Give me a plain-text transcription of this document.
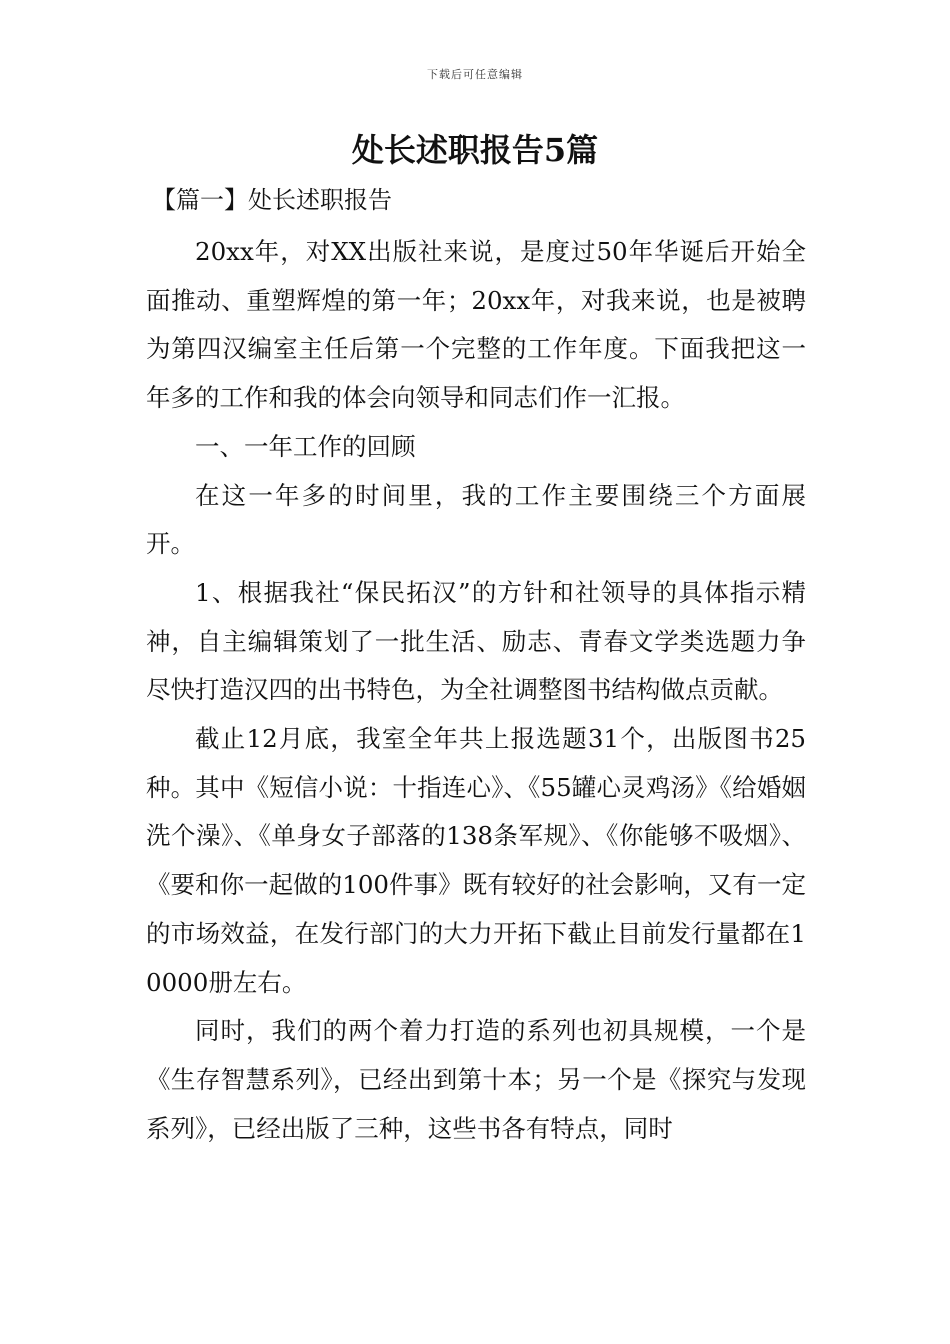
下载后可任意编辑
处长述职报告5篇
【篇一】处长述职报告

20xx年，对XX出版社来说，是度过50年华诞后开始全面推动、重塑辉煌的第一年；20xx年，对我来说，也是被聘为第四汉编室主任后第一个完整的工作年度。下面我把这一年多的工作和我的体会向领导和同志们作一汇报。

一、一年工作的回顾

在这一年多的时间里，我的工作主要围绕三个方面展开。

1、根据我社“保民拓汉”的方针和社领导的具体指示精神，自主编辑策划了一批生活、励志、青春文学类选题力争尽快打造汉四的出书特色，为全社调整图书结构做点贡献。

截止12月底，我室全年共上报选题31个，出版图书25种。其中《短信小说：十指连心》、《55罐心灵鸡汤》《给婚姻洗个澡》、《单身女子部落的138条军规》、《你能够不吸烟》、《要和你一起做的100件事》既有较好的社会影响，又有一定的市场效益，在发行部门的大力开拓下截止目前发行量都在10000册左右。

同时，我们的两个着力打造的系列也初具规模，一个是《生存智慧系列》，已经出到第十本；另一个是《探究与发现系列》，已经出版了三种，这些书各有特点，同时
